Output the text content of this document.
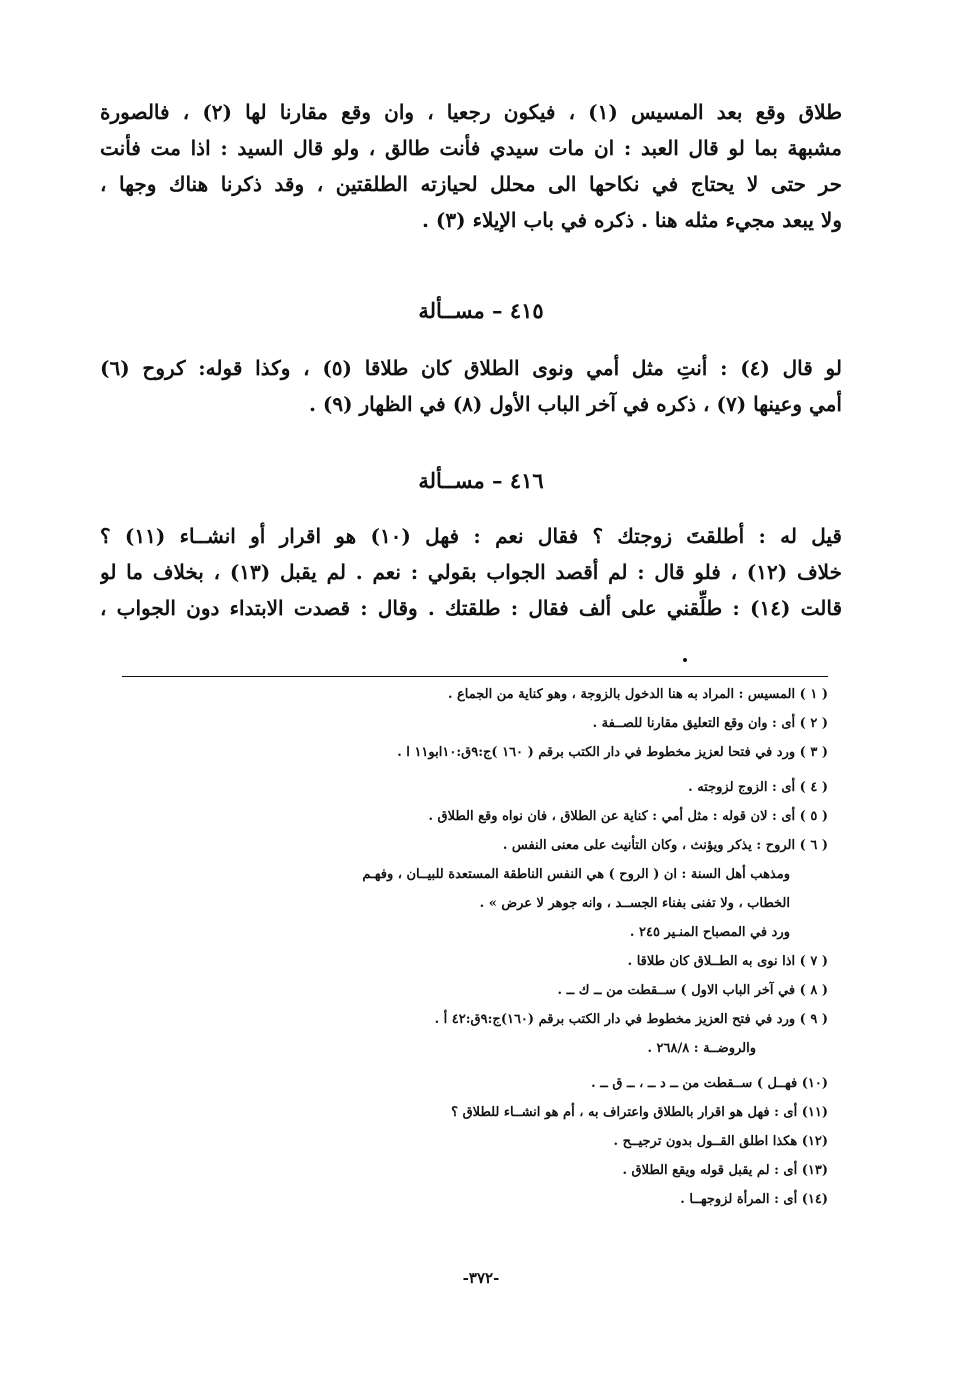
طلاق وقع بعد المسيس (١) ، فيكون رجعيا ، وان وقع مقارنا لها (٢) ، فالصورة
مشبهة بما لو قال العبد : ان مات سيدي فأنت طالق ، ولو قال السيد : اذا مت فأنت
حر حتى لا يحتاج في نكاحها الى محلل لحيازته الطلقتين ، وقد ذكرنا هناك وجها ،
ولا يبعد مجيء مثله هنا . ذكره في باب الإيلاء (٣) .
٤١٥ – مســألة
لو قال (٤) : أنتِ مثل أمي ونوى الطلاق كان طلاقا (٥) ، وكذا قوله: كروح (٦)
أمي وعينها (٧) ، ذكره في آخر الباب الأول (٨) في الظهار (٩) .
٤١٦ – مســألة
قيل له : أطلقتَ زوجتك ؟ فقال نعم : فهل (١٠) هو اقرار أو انشــاء (١١) ؟
خلاف (١٢) ، فلو قال : لم أقصد الجواب بقولي : نعم . لم يقبل (١٣) ، بخلاف ما لو
قالت (١٤) : طلِّقني على ألف فقال : طلقتك . وقال : قصدت الابتداء دون الجواب ،
( ١ ) المسيس : المراد به هنا الدخول بالزوجة ، وهو كناية من الجماع .
( ٢ ) أى : وان وقع التعليق مقارنا للصــفة .
( ٣ ) ورد في فتحا لعزيز مخطوط في دار الكتب برقم ( ١٦٠ )ج:٩ق:١٠ابو١١ ا .
( ٤ ) أى : الزوج لزوجته .
( ٥ ) أى : لان قوله : مثل أمي : كناية عن الطلاق ، فان نواه وقع الطلاق .
( ٦ ) الروح : يذكر ويؤنث ، وكان التأنيث على معنى النفس .
ومذهب أهل السنة : ان ( الروح ) هي النفس الناطقة المستعدة للبيــان ، وفهـم
الخطاب ، ولا تفنى بفناء الجســد ، وانه جوهر لا عرض » .
ورد في المصباح المنـير ٢٤٥ .
( ٧ ) اذا نوى به الطــلاق كان طلاقا .
( ٨ ) في آخر الباب الاول ) ســقطت من ــ ك ــ .
( ٩ ) ورد في فتح العزيز مخطوط في دار الكتب برقم (١٦٠)ج:٩ق:٤٢ أ .
والروضــة : ٢٦٨/٨ .
(١٠) فهــل ) ســقطت من ــ د ــ ، ــ ق ــ .
(١١) أى : فهل هو اقرار بالطلاق واعتراف به ، أم هو انشــاء للطلاق ؟
(١٢) هكذا اطلق القــول بدون ترجيــح .
(١٣) أى : لم يقبل قوله ويقع الطلاق .
(١٤) أى : المرأة لزوجهــا .
-٣٧٢-
